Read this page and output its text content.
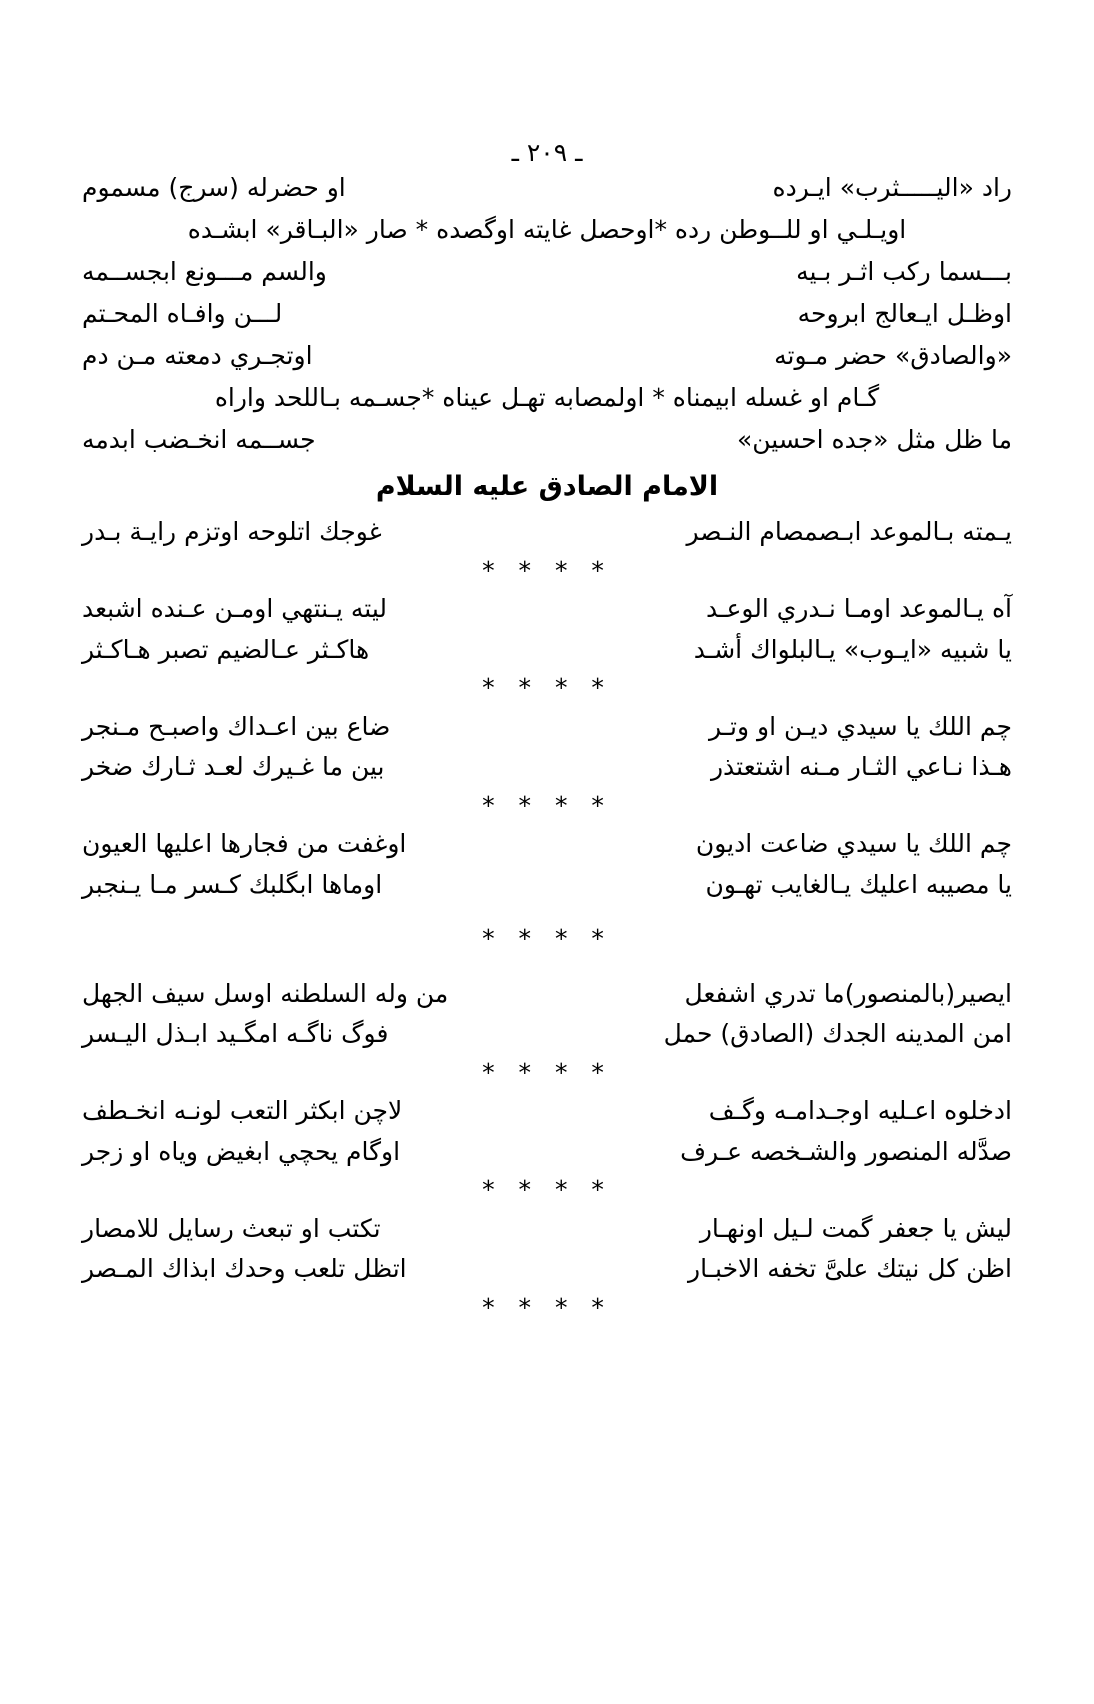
ـ ٢٠٩ ـ
راد «اليـــــثرب» ايـرده
او حضرله (سرج) مسموم
اويـلـي او للــوطن رده *اوحصل غايته اوگصده * صار «البـاقر» ابشـده
بـــسما ركب اثـر بـيه
والسم مـــونع ابجســمه
اوظـل ايـعالج ابروحه
لـــن وافـاه المحـتم
«والصادق» حضر مـوته
اوتجـري دمعته مـن دم
گـام او غسله ابيمناه * اولمصابه تهـل عيناه *جسـمه بـاللحد واراه
ما ظل مثل «جده احسين»
جســمه انخـضب ابدمه
الامام الصادق عليه السلام
يـمته بـالموعد ابـصمصام النـصر
غوجك اتلوحه اوتزم رايـة بـدر
* * * *
آه يـالموعد اومـا نـدري الوعـد
ليته يـنتهي اومـن عـنده اشبعد
يا شبيه «ايـوب» يـالبلواك أشـد
هاكـثر عـالضيم تصبر هـاكـثر
* * * *
چم اللك يا سيدي ديـن او وتـر
ضاع بين اعـداك واصبـح مـنجر
هـذا نـاعي الثـار مـنه اشتعتذر
بين ما غـيرك لعـد ثـارك ضخر
* * * *
چم اللك يا سيدي ضاعت اديون
اوغفت من فجارها اعليها العيون
يا مصيبه اعليك يـالغايب تهـون
اوماها ابگلبك كـسر مـا يـنجبر
* * * *
ايصير(بالمنصور)ما تدري اشفعل
من وله السلطنه اوسل سيف الجهل
امن المدينه الجدك (الصادق) حمل
فوگ ناگـه امگـيد ابـذل اليـسر
* * * *
ادخلوه اعـليه اوجـدامـه وگـف
لاچن ابكثر التعب لونـه انخـطف
صدَّله المنصور والشـخصه عـرف
اوگام يحچي ابغيض وياه او زجر
* * * *
ليش يا جعفر گمت لـيل اونهـار
تكتب او تبعث رسايل للامصار
اظن كل نيتك علىَّ تخفه الاخبـار
اتظل تلعب وحدك ابذاك المـصر
* * * *
